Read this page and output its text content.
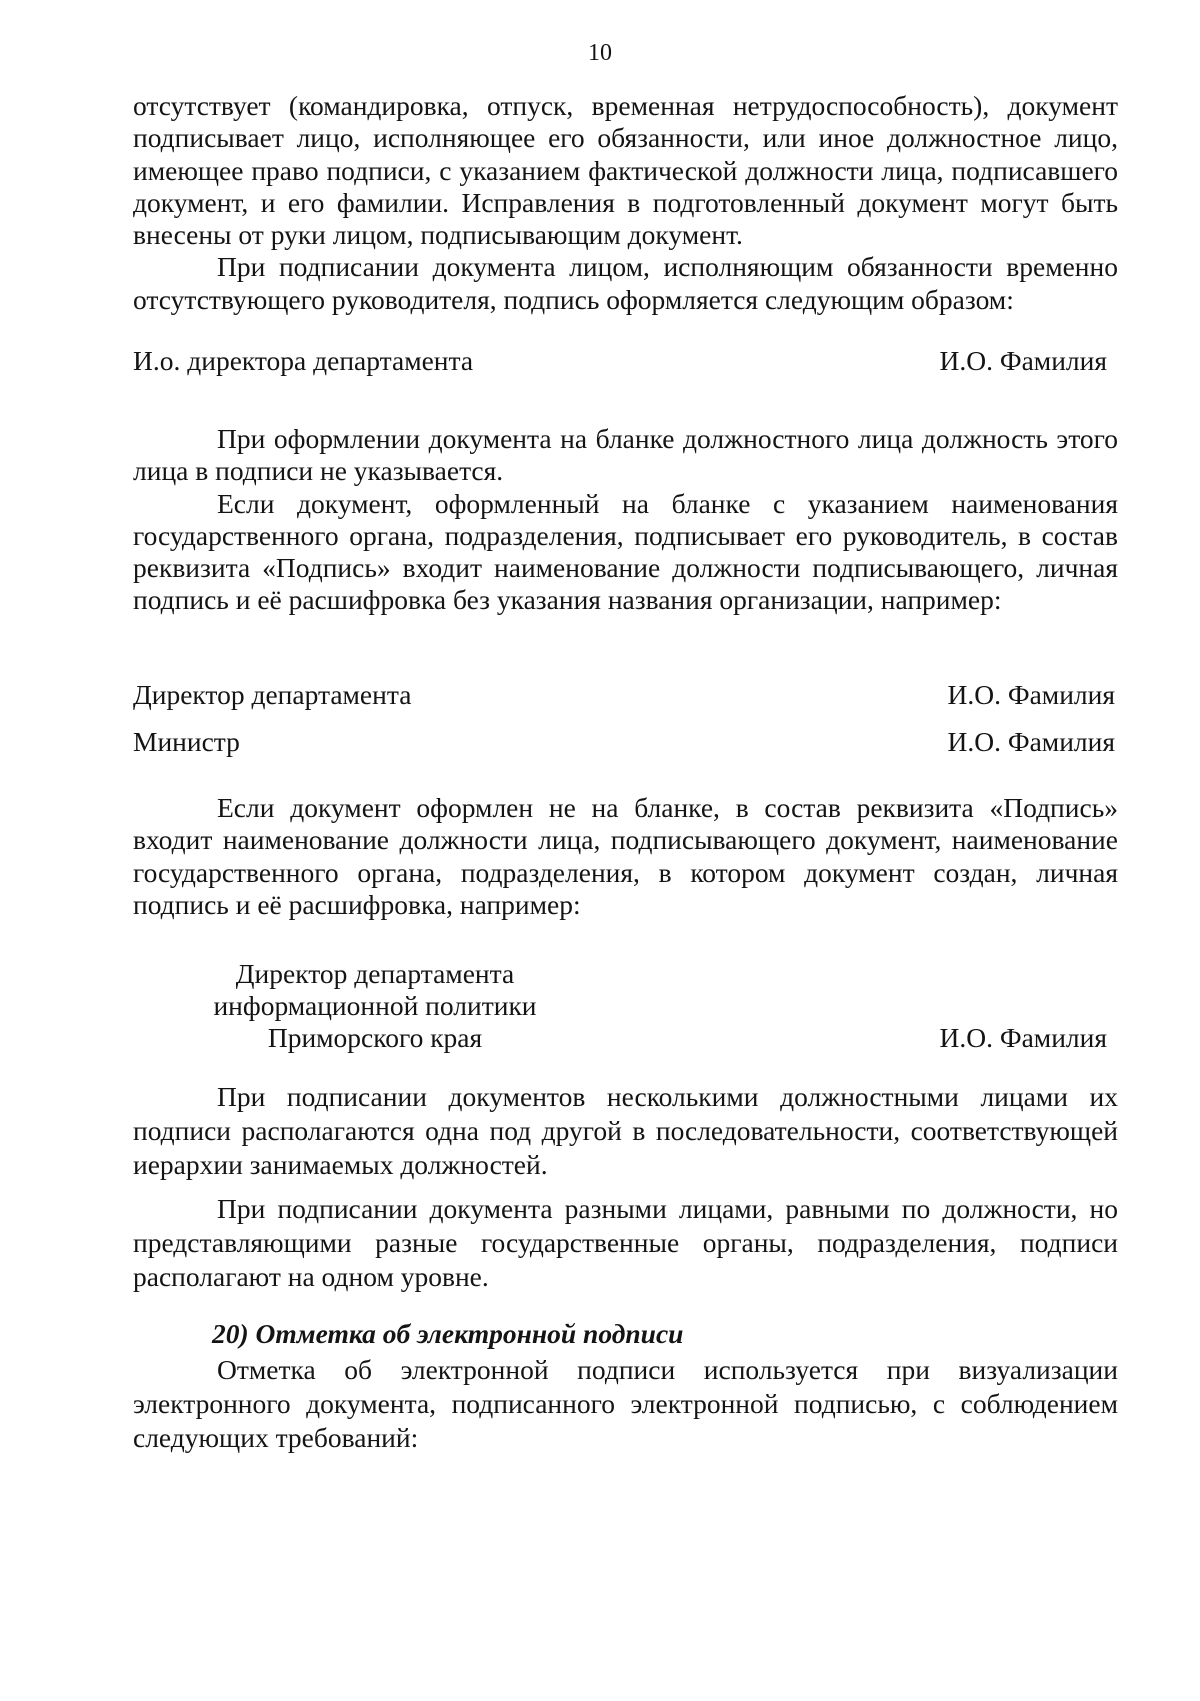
10

отсутствует (командировка, отпуск, временная нетрудоспособность), документ подписывает лицо, исполняющее его обязанности, или иное должностное лицо, имеющее право подписи, с указанием фактической должности лица, подписавшего документ, и его фамилии. Исправления в подготовленный документ могут быть внесены от руки лицом, подписывающим документ.

При подписании документа лицом, исполняющим обязанности временно отсутствующего руководителя, подпись оформляется следующим образом:

И.о. директора департамента	И.О. Фамилия

При оформлении документа на бланке должностного лица должность этого лица в подписи не указывается.

Если документ, оформленный на бланке с указанием наименования государственного органа, подразделения, подписывает его руководитель, в состав реквизита «Подпись» входит наименование должности подписывающего, личная подпись и её расшифровка без указания названия организации, например:

Директор департамента	И.О. Фамилия
Министр	И.О. Фамилия

Если документ оформлен не на бланке, в состав реквизита «Подпись» входит наименование должности лица, подписывающего документ, наименование государственного органа, подразделения, в котором документ создан, личная подпись и её расшифровка, например:

Директор департамента
информационной политики
Приморского края	И.О. Фамилия

При подписании документов несколькими должностными лицами их подписи располагаются одна под другой в последовательности, соответствующей иерархии занимаемых должностей.

При подписании документа разными лицами, равными по должности, но представляющими разные государственные органы, подразделения, подписи располагают на одном уровне.

20) Отметка об электронной подписи

Отметка об электронной подписи используется при визуализации электронного документа, подписанного электронной подписью, с соблюдением следующих требований:
